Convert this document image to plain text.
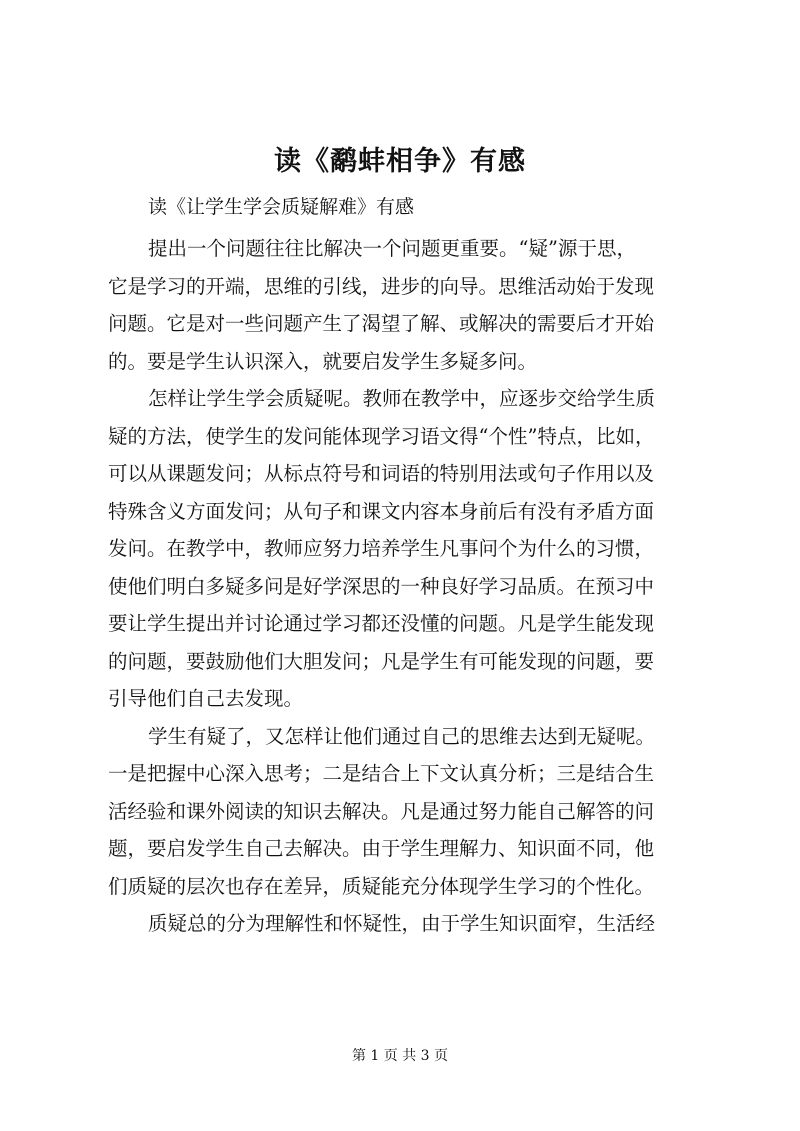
读《鹬蚌相争》有感
读《让学生学会质疑解难》有感

提出一个问题往往比解决一个问题更重要。“疑”源于思，
它是学习的开端，思维的引线，进步的向导。思维活动始于发现
问题。它是对一些问题产生了渴望了解、或解决的需要后才开始
的。要是学生认识深入，就要启发学生多疑多问。

怎样让学生学会质疑呢。教师在教学中，应逐步交给学生质
疑的方法，使学生的发问能体现学习语文得“个性”特点，比如，
可以从课题发问；从标点符号和词语的特别用法或句子作用以及
特殊含义方面发问；从句子和课文内容本身前后有没有矛盾方面
发问。在教学中，教师应努力培养学生凡事问个为什么的习惯，
使他们明白多疑多问是好学深思的一种良好学习品质。在预习中
要让学生提出并讨论通过学习都还没懂的问题。凡是学生能发现
的问题，要鼓励他们大胆发问；凡是学生有可能发现的问题，要
引导他们自己去发现。

学生有疑了，又怎样让他们通过自己的思维去达到无疑呢。
一是把握中心深入思考；二是结合上下文认真分析；三是结合生
活经验和课外阅读的知识去解决。凡是通过努力能自己解答的问
题，要启发学生自己去解决。由于学生理解力、知识面不同，他
们质疑的层次也存在差异，质疑能充分体现学生学习的个性化。

质疑总的分为理解性和怀疑性，由于学生知识面窄，生活经

第 1 页 共 3 页
